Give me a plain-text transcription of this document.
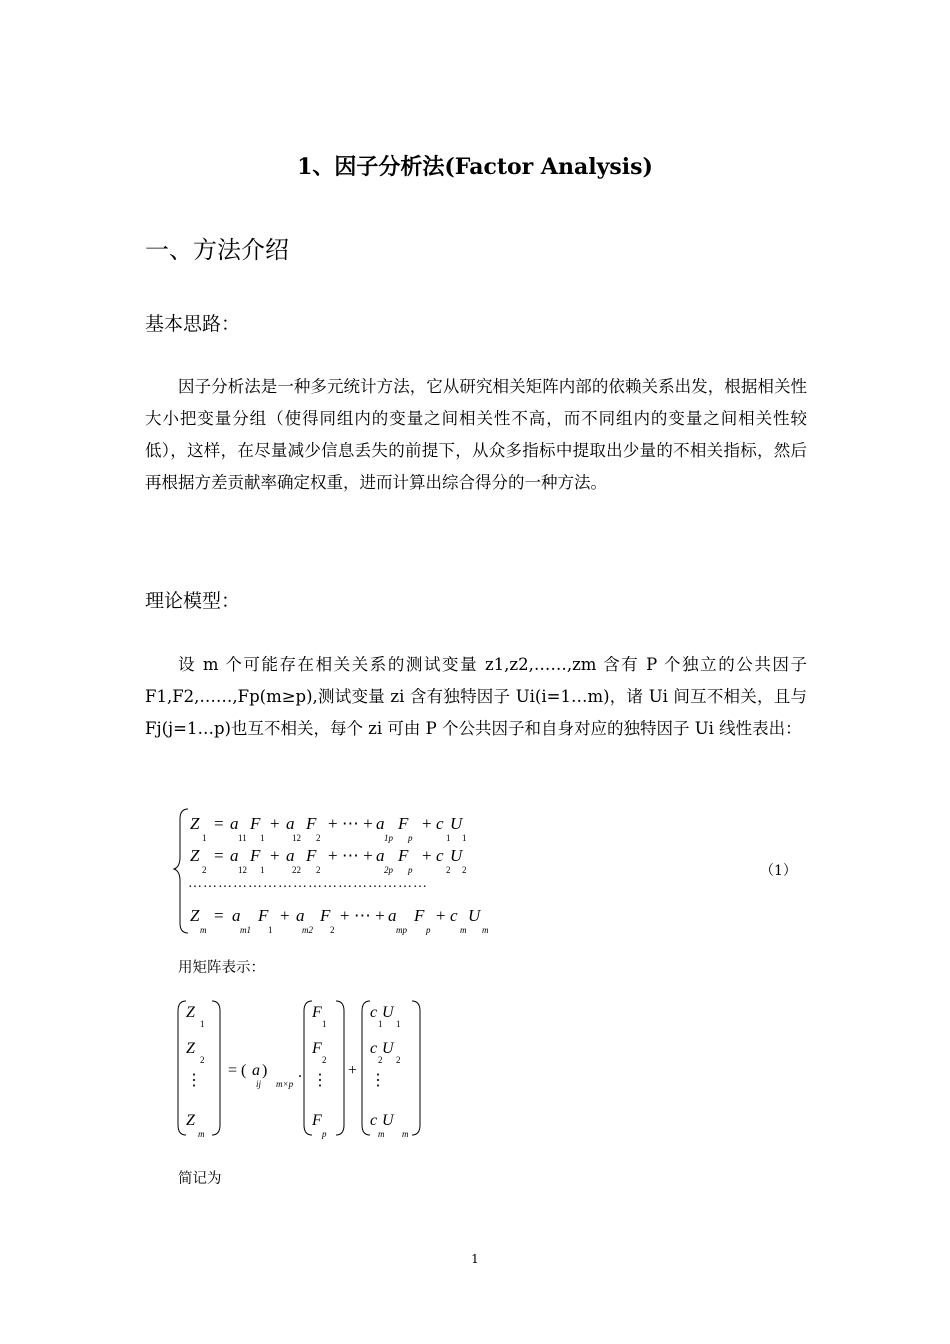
1、因子分析法(Factor Analysis)
一、方法介绍
基本思路：

因子分析法是一种多元统计方法，它从研究相关矩阵内部的依赖关系出发，根据相关性大小把变量分组（使得同组内的变量之间相关性不高，而不同组内的变量之间相关性较低），这样，在尽量减少信息丢失的前提下，从众多指标中提取出少量的不相关指标，然后再根据方差贡献率确定权重，进而计算出综合得分的一种方法。

理论模型：

设 m 个可能存在相关关系的测试变量 z1,z2,……,zm 含有 P 个独立的公共因子 F1,F2,……,Fp(m≥p),测试变量 zi 含有独特因子 Ui(i=1…m)，诸 Ui 间互不相关，且与 Fj(j=1…p)也互不相关，每个 zi 可由 P 个公共因子和自身对应的独特因子 Ui 线性表出：

Z
1
= a
11
F
1
+ a
12
F
2
+ ⋯ + a
1p
F
p
+ c
1
U
1
Z
2
= a
12
F
1
+ a
22
F
2
+ ⋯ + a
2p
F
p
+ c
2
U
2
…………………………………………
Z
m
= a
m1
F
1
+ a
m2
F
2
+ ⋯ + a
mp
F
p
+ c
m
U
m
（1）
用矩阵表示：
Z
1
Z
2
⋮
Z
m
= ( a )
ij m×p
.
F
1
F
2
⋮
F
p
+
c U
1 1
c U
2 2
⋮
c U
m m
简记为
1
